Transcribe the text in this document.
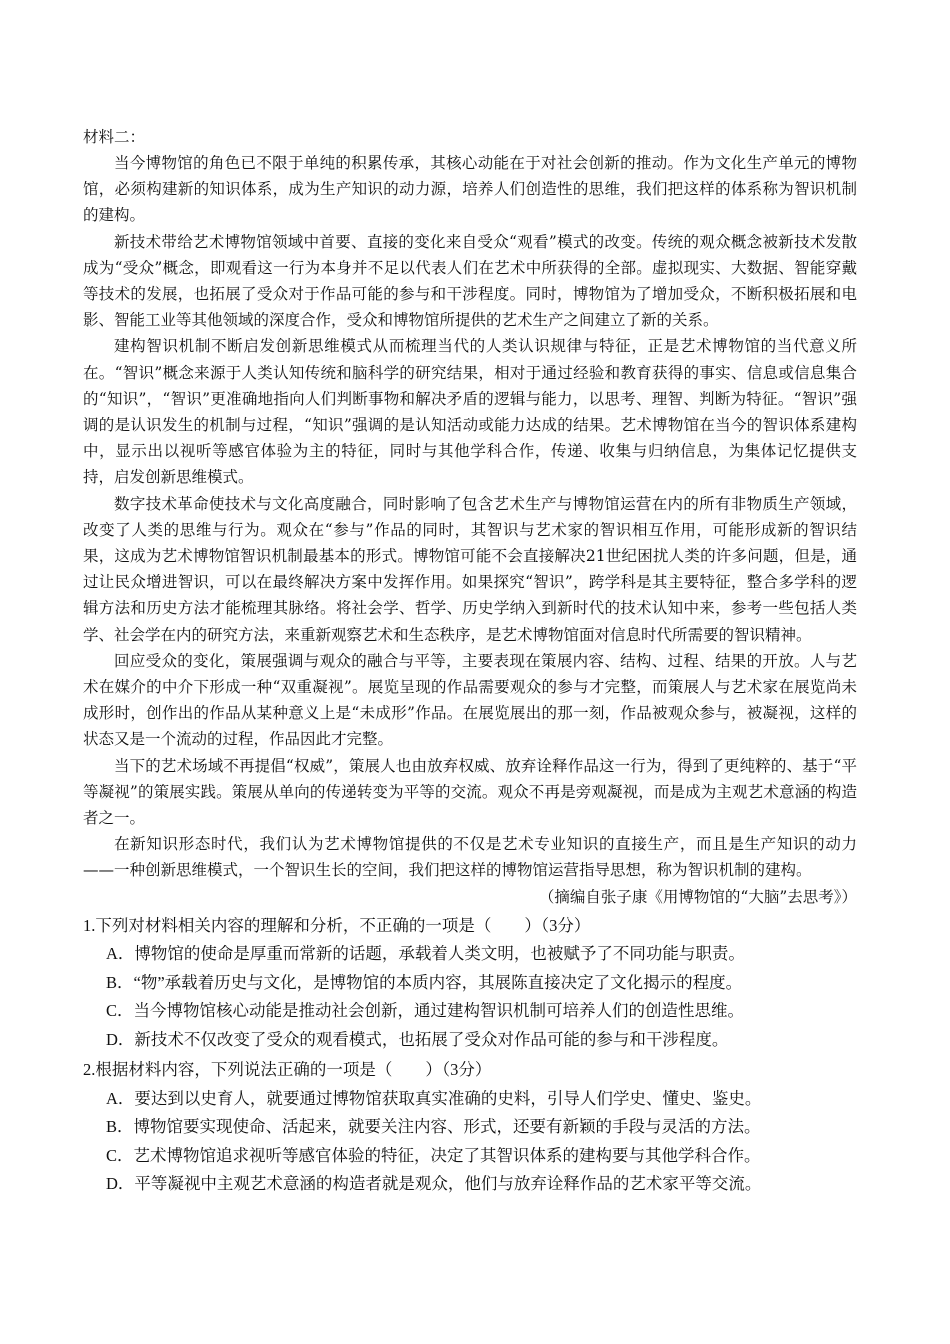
材料二：

当今博物馆的角色已不限于单纯的积累传承，其核心动能在于对社会创新的推动。作为文化生产单元的博物馆，必须构建新的知识体系，成为生产知识的动力源，培养人们创造性的思维，我们把这样的体系称为智识机制的建构。

新技术带给艺术博物馆领域中首要、直接的变化来自受众“观看”模式的改变。传统的观众概念被新技术发散成为“受众”概念，即观看这一行为本身并不足以代表人们在艺术中所获得的全部。虚拟现实、大数据、智能穿戴等技术的发展，也拓展了受众对于作品可能的参与和干涉程度。同时，博物馆为了增加受众，不断积极拓展和电影、智能工业等其他领域的深度合作，受众和博物馆所提供的艺术生产之间建立了新的关系。

建构智识机制不断启发创新思维模式从而梳理当代的人类认识规律与特征，正是艺术博物馆的当代意义所在。“智识”概念来源于人类认知传统和脑科学的研究结果，相对于通过经验和教育获得的事实、信息或信息集合的“知识”，“智识”更准确地指向人们判断事物和解决矛盾的逻辑与能力，以思考、理智、判断为特征。“智识”强调的是认识发生的机制与过程，“知识”强调的是认知活动或能力达成的结果。艺术博物馆在当今的智识体系建构中，显示出以视听等感官体验为主的特征，同时与其他学科合作，传递、收集与归纳信息，为集体记忆提供支持，启发创新思维模式。

数字技术革命使技术与文化高度融合，同时影响了包含艺术生产与博物馆运营在内的所有非物质生产领域，改变了人类的思维与行为。观众在“参与”作品的同时，其智识与艺术家的智识相互作用，可能形成新的智识结果，这成为艺术博物馆智识机制最基本的形式。博物馆可能不会直接解决21世纪困扰人类的许多问题，但是，通过让民众增进智识，可以在最终解决方案中发挥作用。如果探究“智识”，跨学科是其主要特征，整合多学科的逻辑方法和历史方法才能梳理其脉络。将社会学、哲学、历史学纳入到新时代的技术认知中来，参考一些包括人类学、社会学在内的研究方法，来重新观察艺术和生态秩序，是艺术博物馆面对信息时代所需要的智识精神。

回应受众的变化，策展强调与观众的融合与平等，主要表现在策展内容、结构、过程、结果的开放。人与艺术在媒介的中介下形成一种“双重凝视”。展览呈现的作品需要观众的参与才完整，而策展人与艺术家在展览尚未成形时，创作出的作品从某种意义上是“未成形”作品。在展览展出的那一刻，作品被观众参与，被凝视，这样的状态又是一个流动的过程，作品因此才完整。

当下的艺术场域不再提倡“权威”，策展人也由放弃权威、放弃诠释作品这一行为，得到了更纯粹的、基于“平等凝视”的策展实践。策展从单向的传递转变为平等的交流。观众不再是旁观凝视，而是成为主观艺术意涵的构造者之一。

在新知识形态时代，我们认为艺术博物馆提供的不仅是艺术专业知识的直接生产，而且是生产知识的动力——一种创新思维模式，一个智识生长的空间，我们把这样的博物馆运营指导思想，称为智识机制的建构。

（摘编自张子康《用博物馆的“大脑”去思考》）
1.下列对材料相关内容的理解和分析，不正确的一项是（　　）（3分）
A．博物馆的使命是厚重而常新的话题，承载着人类文明，也被赋予了不同功能与职责。
B．“物”承载着历史与文化，是博物馆的本质内容，其展陈直接决定了文化揭示的程度。
C．当今博物馆核心动能是推动社会创新，通过建构智识机制可培养人们的创造性思维。
D．新技术不仅改变了受众的观看模式，也拓展了受众对作品可能的参与和干涉程度。
2.根据材料内容，下列说法正确的一项是（　　）（3分）
A．要达到以史育人，就要通过博物馆获取真实准确的史料，引导人们学史、懂史、鉴史。
B．博物馆要实现使命、活起来，就要关注内容、形式，还要有新颖的手段与灵活的方法。
C．艺术博物馆追求视听等感官体验的特征，决定了其智识体系的建构要与其他学科合作。
D．平等凝视中主观艺术意涵的构造者就是观众，他们与放弃诠释作品的艺术家平等交流。
